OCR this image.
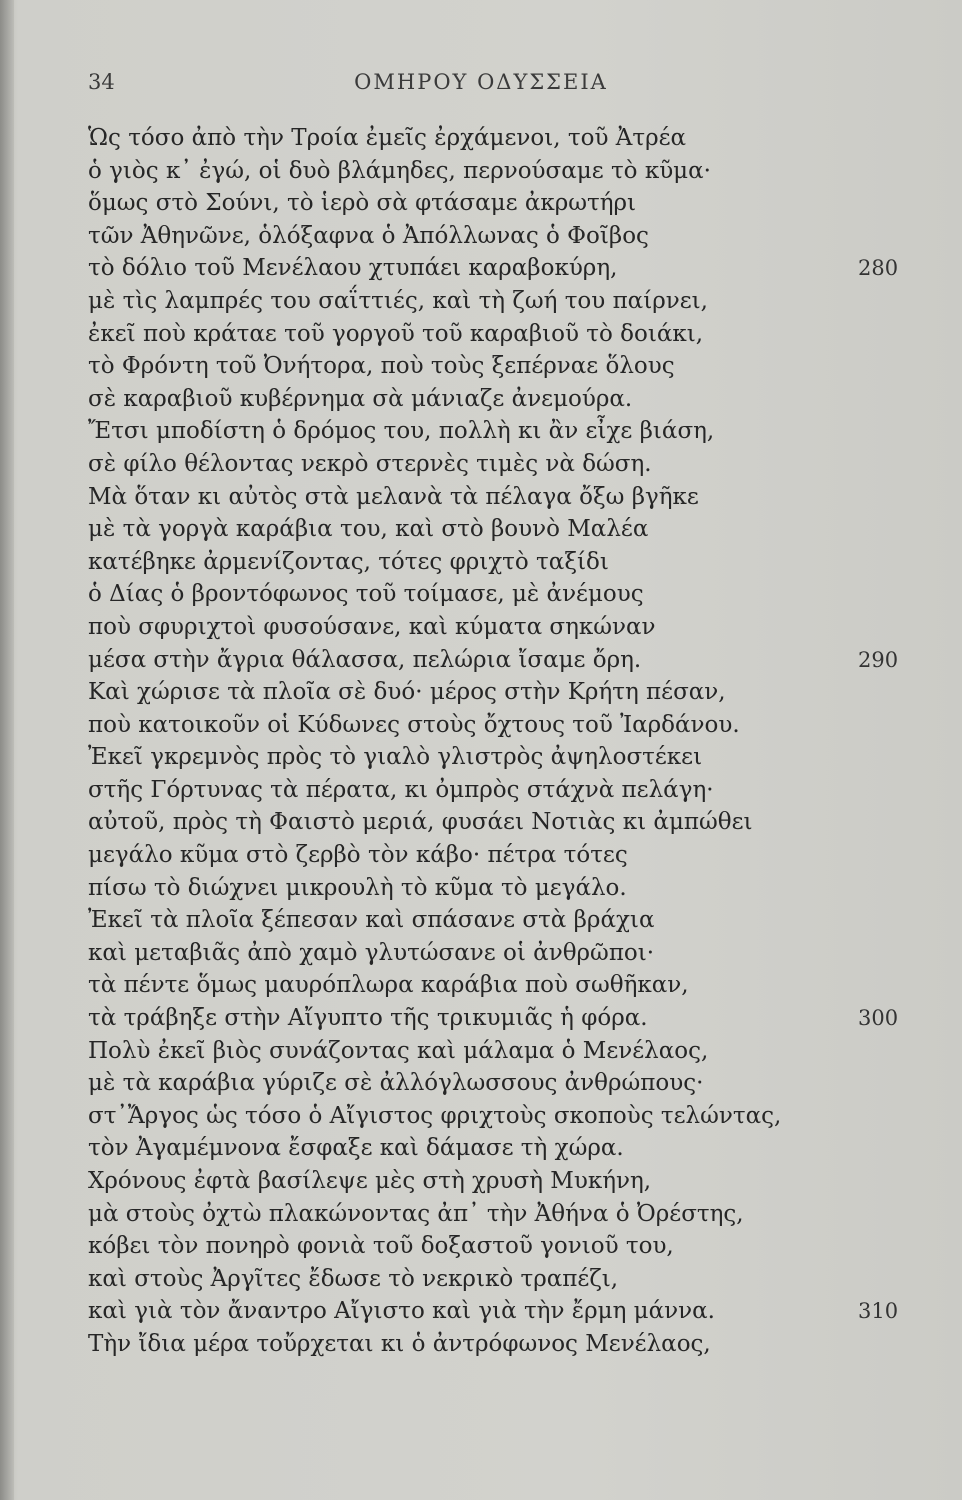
34	ΟΜΗΡΟΥ ΟΔΥΣΣΕΙΑ
Ὡς τόσο ἀπὸ τὴν Τροία ἐμεῖς ἐρχάμενοι, τοῦ Ἀτρέα
ὁ γιὸς κ᾽ ἐγώ, οἱ δυὸ βλάμηδες, περνούσαμε τὸ κῦμα·
ὅμως στὸ Σούνι, τὸ ἱερὸ σὰ φτάσαμε ἀκρωτήρι
τῶν Ἀθηνῶνε, ὁλόξαφνα ὁ Ἀπόλλωνας ὁ Φοῖβος
τὸ δόλιο τοῦ Μενέλαου χτυπάει καραβοκύρη,	280
μὲ τὶς λαμπρές του σαΐττιές, καὶ τὴ ζωή του παίρνει,
ἐκεῖ ποὺ κράταε τοῦ γοργοῦ τοῦ καραβιοῦ τὸ δοιάκι,
τὸ Φρόντη τοῦ Ὀνήτορα, ποὺ τοὺς ξεπέρναε ὅλους
σὲ καραβιοῦ κυβέρνημα σὰ μάνιαζε ἀνεμούρα.
Ἔτσι μποδίστη ὁ δρόμος του, πολλὴ κι ἂν εἶχε βιάση,
σὲ φίλο θέλοντας νεκρὸ στερνὲς τιμὲς νὰ δώση.
Μὰ ὅταν κι αὐτὸς στὰ μελανὰ τὰ πέλαγα ὄξω βγῆκε
μὲ τὰ γοργὰ καράβια του, καὶ στὸ βουνὸ Μαλέα
κατέβηκε ἀρμενίζοντας, τότες φριχτὸ ταξίδι
ὁ Δίας ὁ βροντόφωνος τοῦ τοίμασε, μὲ ἀνέμους
ποὺ σφυριχτοὶ φυσούσανε, καὶ κύματα σηκώναν
μέσα στὴν ἄγρια θάλασσα, πελώρια ἴσαμε ὄρη.	290
Καὶ χώρισε τὰ πλοῖα σὲ δυό· μέρος στὴν Κρήτη πέσαν,
ποὺ κατοικοῦν οἱ Κύδωνες στοὺς ὄχτους τοῦ Ἰαρδάνου.
Ἐκεῖ γκρεμνὸς πρὸς τὸ γιαλὸ γλιστρὸς ἀψηλοστέκει
στῆς Γόρτυνας τὰ πέρατα, κι ὀμπρὸς στάχνὰ πελάγη·
αὐτοῦ, πρὸς τὴ Φαιστὸ μεριά, φυσάει Νοτιὰς κι ἀμπώθει
μεγάλο κῦμα στὸ ζερβὸ τὸν κάβο· πέτρα τότες
πίσω τὸ διώχνει μικρουλὴ τὸ κῦμα τὸ μεγάλο.
Ἐκεῖ τὰ πλοῖα ξέπεσαν καὶ σπάσανε στὰ βράχια
καὶ μεταβιᾶς ἀπὸ χαμὸ γλυτώσανε οἱ ἀνθρῶποι·
τὰ πέντε ὅμως μαυρόπλωρα καράβια ποὺ σωθῆκαν,
τὰ τράβηξε στὴν Αἴγυπτο τῆς τρικυμιᾶς ἡ φόρα.	300
Πολὺ ἐκεῖ βιὸς συνάζοντας καὶ μάλαμα ὁ Μενέλαος,
μὲ τὰ καράβια γύριζε σὲ ἀλλόγλωσσους ἀνθρώπους·
στ᾽Ἄργος ὡς τόσο ὁ Αἴγιστος φριχτοὺς σκοποὺς τελώντας,
τὸν Ἀγαμέμνονα ἔσφαξε καὶ δάμασε τὴ χώρα.
Χρόνους ἐφτὰ βασίλεψε μὲς στὴ χρυσὴ Μυκήνη,
μὰ στοὺς ὀχτὼ πλακώνοντας ἀπ᾽ τὴν Ἀθήνα ὁ Ὀρέστης,
κόβει τὸν πονηρὸ φονιὰ τοῦ δοξαστοῦ γονιοῦ του,
καὶ στοὺς Ἀργῖτες ἔδωσε τὸ νεκρικὸ τραπέζι,
καὶ γιὰ τὸν ἄναντρο Αἴγιστο καὶ γιὰ τὴν ἔρμη μάννα.	310
Τὴν ἴδια μέρα τοὔρχεται κι ὁ ἀντρόφωνος Μενέλαος,
